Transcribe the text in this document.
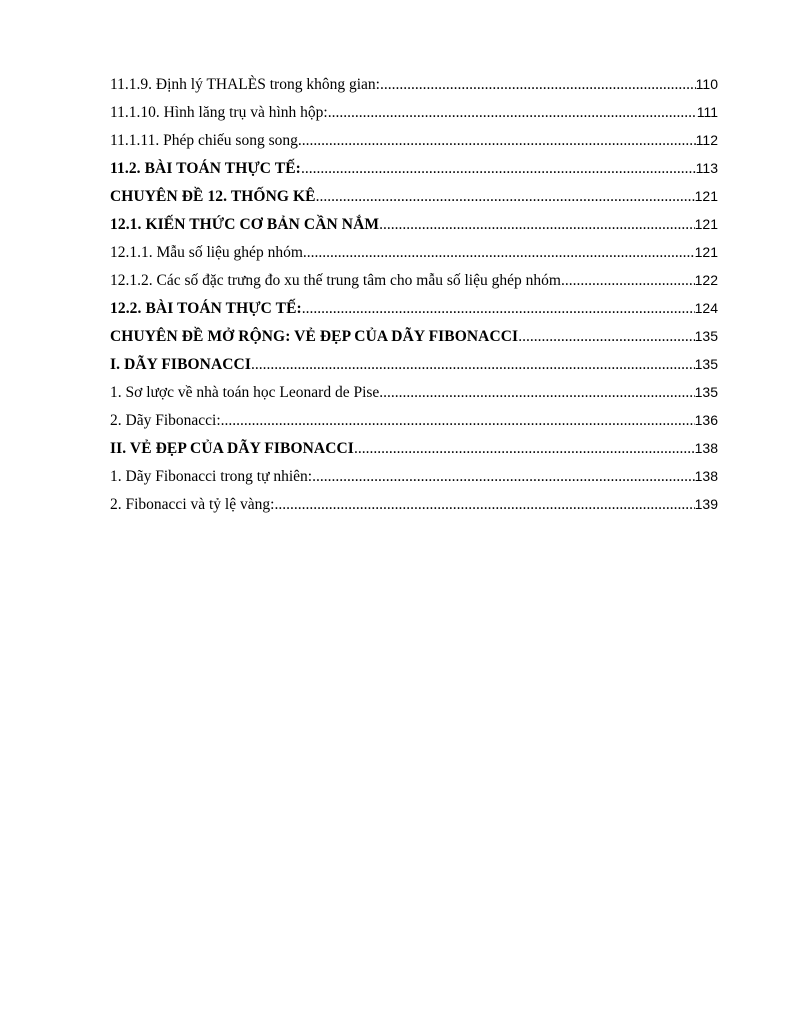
11.1.9. Định lý THALÈS trong không gian: .....	110
11.1.10. Hình lăng trụ và hình hộp: .....	111
11.1.11. Phép chiếu song song .....	112
11.2. BÀI TOÁN THỰC TẾ: .....	113
CHUYÊN ĐỀ 12. THỐNG KÊ .....	121
12.1. KIẾN THỨC CƠ BẢN CẦN NẮM .....	121
12.1.1. Mẫu số liệu ghép nhóm .....	121
12.1.2. Các số đặc trưng đo xu thế trung tâm cho mẫu số liệu ghép nhóm .....	122
12.2. BÀI TOÁN THỰC TẾ: .....	124
CHUYÊN ĐỀ MỞ RỘNG: VẺ ĐẸP CỦA DÃY FIBONACCI .....	135
I. DÃY FIBONACCI .....	135
1. Sơ lược về nhà toán học Leonard de Pise .....	135
2. Dãy Fibonacci: .....	136
II. VẺ ĐẸP CỦA DÃY FIBONACCI .....	138
1. Dãy Fibonacci trong tự nhiên: .....	138
2. Fibonacci và tỷ lệ vàng: .....	139
